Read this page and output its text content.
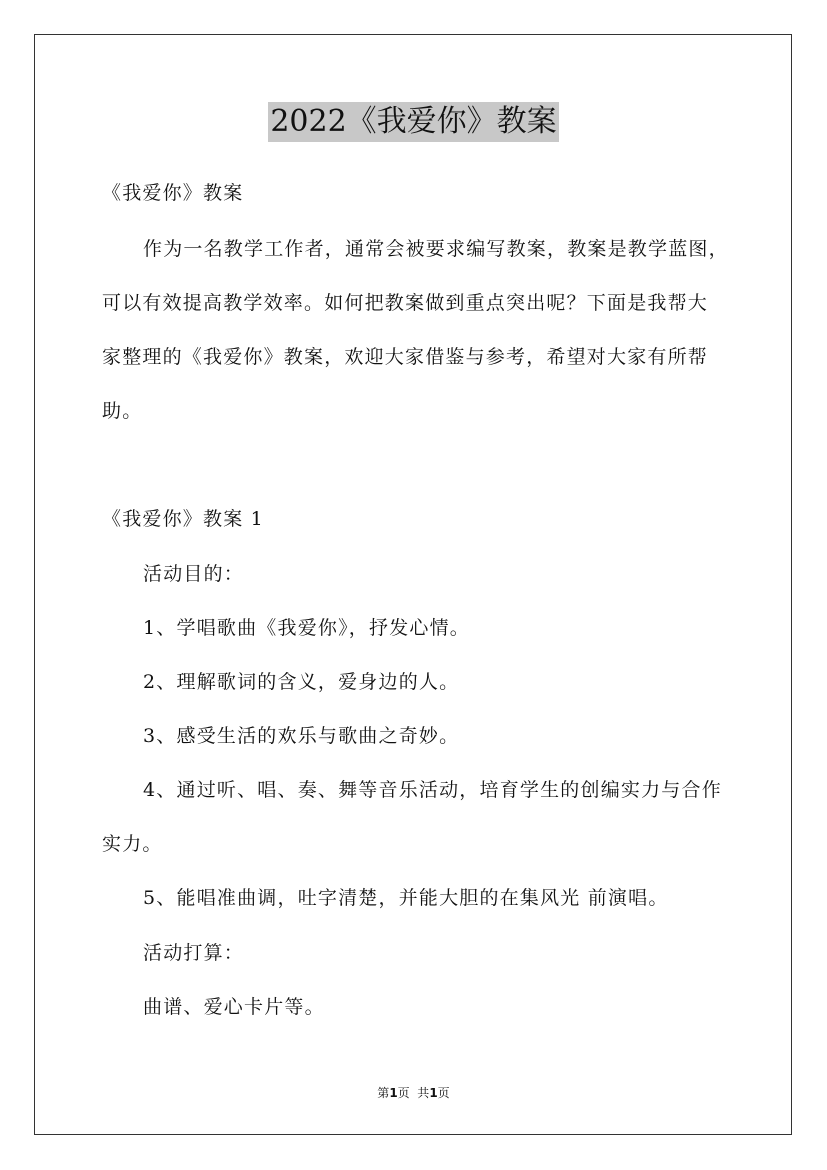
2022《我爱你》教案
《我爱你》教案
作为一名教学工作者，通常会被要求编写教案，教案是教学蓝图，
可以有效提高教学效率。如何把教案做到重点突出呢？下面是我帮大
家整理的《我爱你》教案，欢迎大家借鉴与参考，希望对大家有所帮
助。
《我爱你》教案 1
活动目的：
1、学唱歌曲《我爱你》，抒发心情。
2、理解歌词的含义，爱身边的人。
3、感受生活的欢乐与歌曲之奇妙。
4、通过听、唱、奏、舞等音乐活动，培育学生的创编实力与合作
实力。
5、能唱准曲调，吐字清楚，并能大胆的在集风光 前演唱。
活动打算：
曲谱、爱心卡片等。
第1页  共1页
